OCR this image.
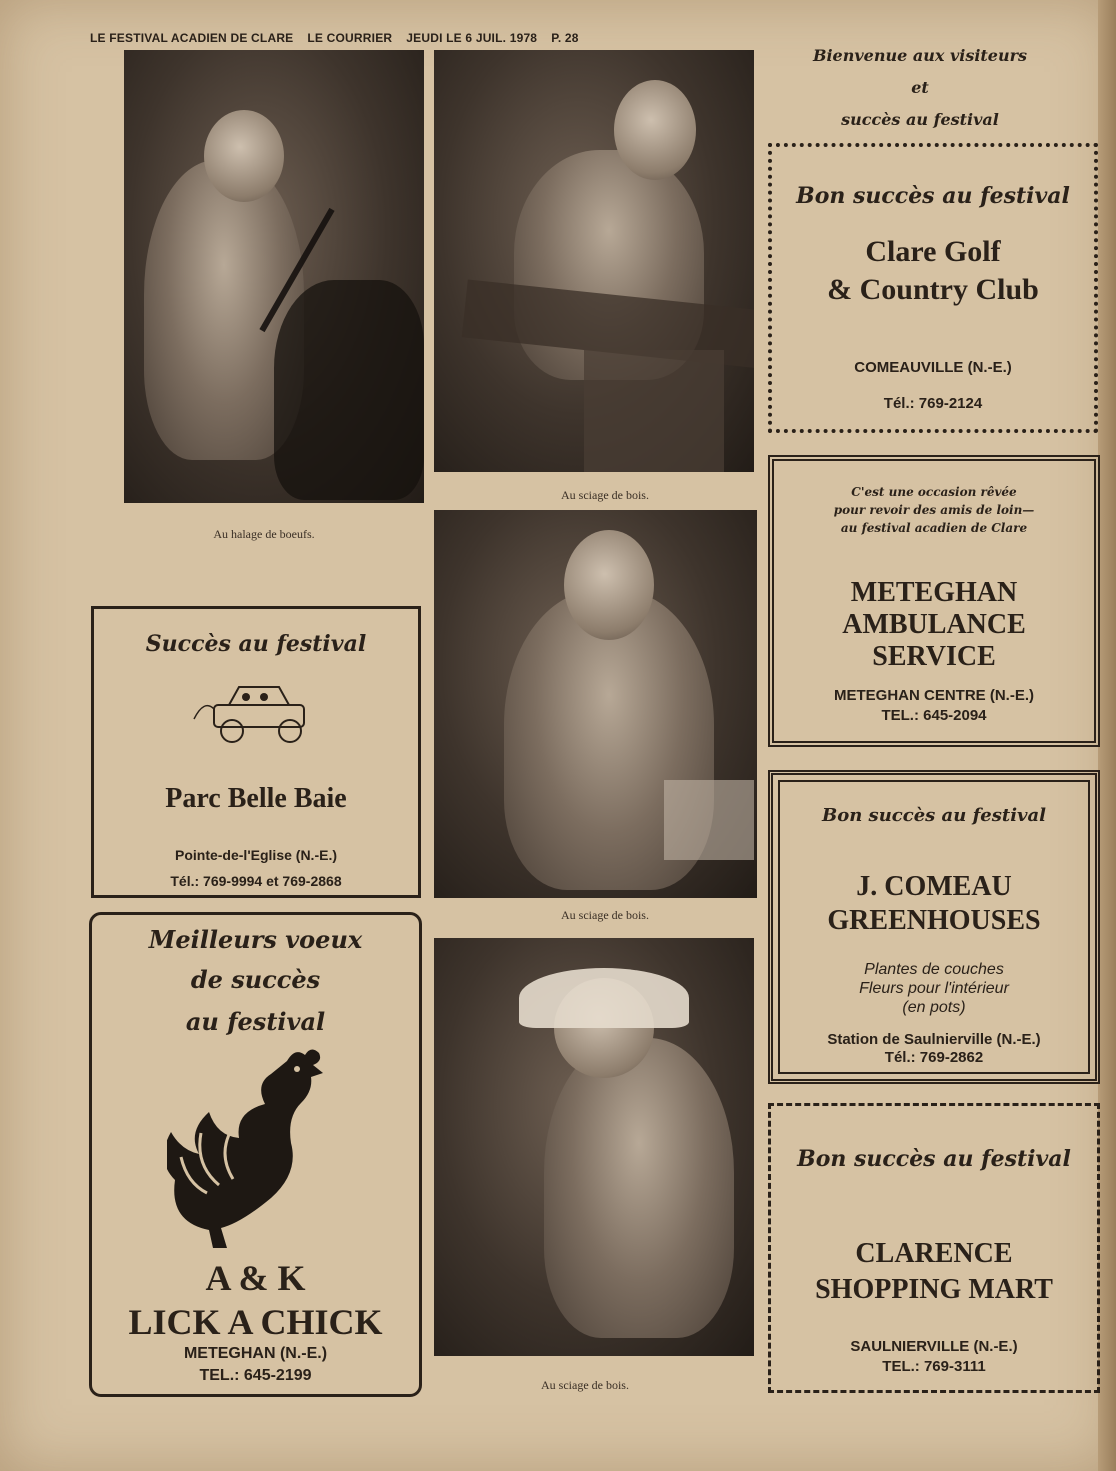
LE FESTIVAL ACADIEN DE CLARE LE COURRIER JEUDI LE 6 JUIL. 1978 P. 28
Au halage de boeufs.
Au sciage de bois.
Au sciage de bois.
Au sciage de bois.
Succès au festival
Parc Belle Baie
Pointe-de-l'Eglise (N.-E.)
Tél.: 769-9994 et 769-2868
Meilleurs voeux
de succès
au festival
A & K
LICK A CHICK
METEGHAN (N.-E.)
TEL.: 645-2199
Bienvenue aux visiteurs
et
succès au festival
Bon succès au festival
Clare Golf
& Country Club
COMEAUVILLE (N.-E.)
Tél.: 769-2124
C'est une occasion rêvée
pour revoir des amis de loin—
au festival acadien de Clare
METEGHAN
AMBULANCE
SERVICE
METEGHAN CENTRE (N.-E.)
TEL.: 645-2094
Bon succès au festival
J. COMEAU
GREENHOUSES
Plantes de couches
Fleurs pour l'intérieur
(en pots)
Station de Saulnierville (N.-E.)
Tél.: 769-2862
Bon succès au festival
CLARENCE
SHOPPING MART
SAULNIERVILLE (N.-E.)
TEL.: 769-3111
